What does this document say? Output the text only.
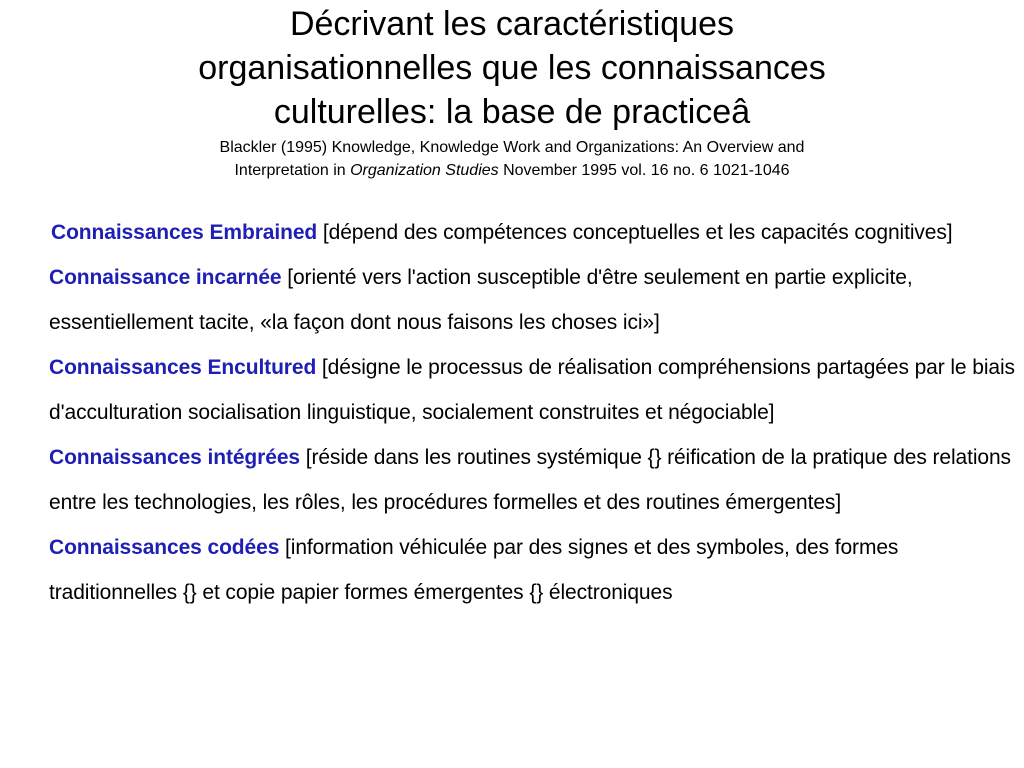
Décrivant les caractéristiques
organisationnelles que les connaissances
culturelles: la base de practiceâ

Blackler (1995) Knowledge, Knowledge Work and Organizations: An Overview and
Interpretation in Organization Studies November 1995 vol. 16 no. 6 1021-1046

Connaissances Embrained [dépend des compétences conceptuelles et les capacités cognitives]

Connaissance incarnée [orienté vers l'action susceptible d'être seulement en partie explicite, essentiellement tacite, «la façon dont nous faisons les choses ici»]

Connaissances Encultured [désigne le processus de réalisation compréhensions partagées par le biais d'acculturation socialisation linguistique, socialement construites et négociable]

Connaissances intégrées [réside dans les routines systémique {} réification de la pratique des relations entre les technologies, les rôles, les procédures formelles et des routines émergentes]

Connaissances codées [information véhiculée par des signes et des symboles, des formes traditionnelles {} et copie papier formes émergentes {} électroniques
